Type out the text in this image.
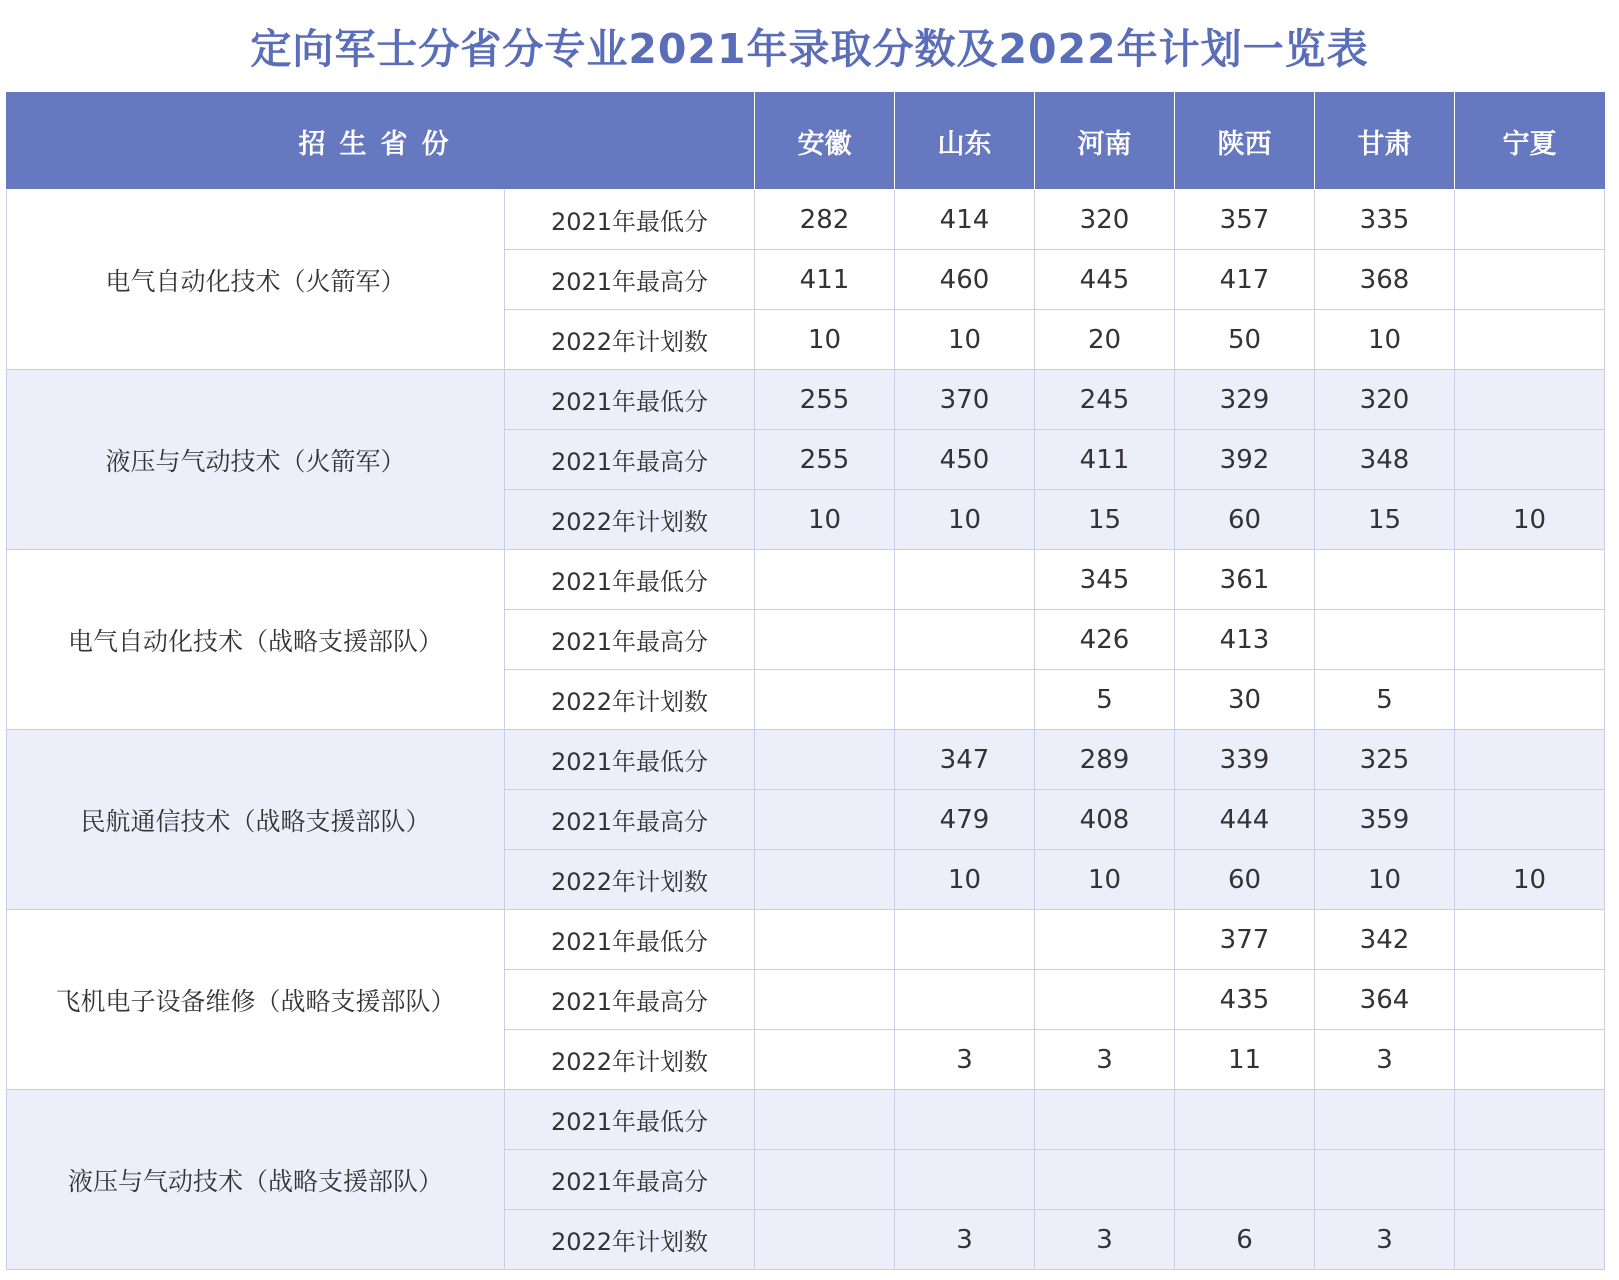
定向军士分省分专业2021年录取分数及2022年计划一览表
招生省份		安徽	山东	河南	陕西	甘肃	宁夏
电气自动化技术（火箭军）	2021年最低分	282	414	320	357	335	
	2021年最高分	411	460	445	417	368	
	2022年计划数	10	10	20	50	10	
液压与气动技术（火箭军）	2021年最低分	255	370	245	329	320	
	2021年最高分	255	450	411	392	348	
	2022年计划数	10	10	15	60	15	10
电气自动化技术（战略支援部队）	2021年最低分			345	361		
	2021年最高分			426	413		
	2022年计划数			5	30	5	
民航通信技术（战略支援部队）	2021年最低分		347	289	339	325	
	2021年最高分		479	408	444	359	
	2022年计划数		10	10	60	10	10
飞机电子设备维修（战略支援部队）	2021年最低分				377	342	
	2021年最高分				435	364	
	2022年计划数		3	3	11	3	
液压与气动技术（战略支援部队）	2021年最低分						
	2021年最高分						
	2022年计划数		3	3	6	3	
